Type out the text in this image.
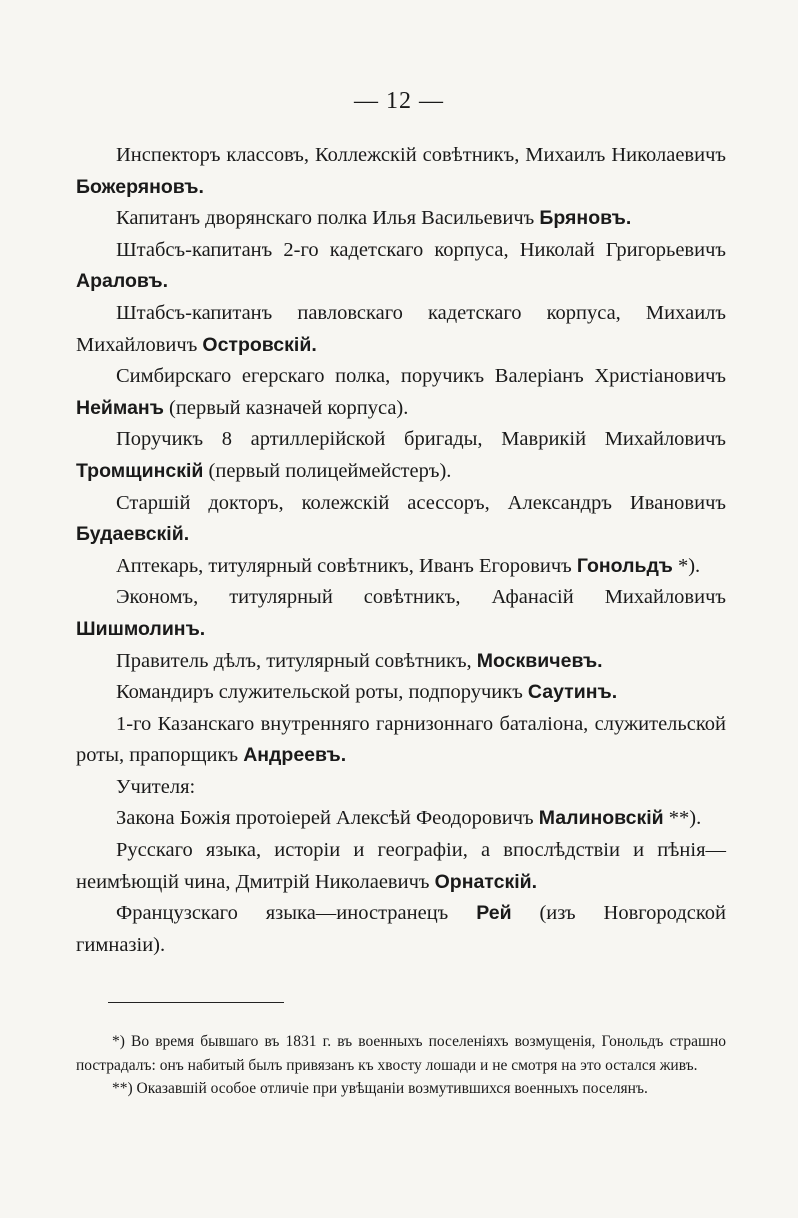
— 12 —

Инспекторъ классовъ, Коллежскій совѣтникъ, Михаилъ Николаевичъ Божеряновъ.

Капитанъ дворянскаго полка Илья Васильевичъ Бряновъ.

Штабсъ-капитанъ 2-го кадетскаго корпуса, Николай Григорьевичъ Араловъ.

Штабсъ-капитанъ павловскаго кадетскаго корпуса, Михаилъ Михайловичъ Островскій.

Симбирскаго егерскаго полка, поручикъ Валеріанъ Христіановичъ Нейманъ (первый казначей корпуса).

Поручикъ 8 артиллерійской бригады, Маврикій Михайловичъ Тромщинскій (первый полицеймейстеръ).

Старшій докторъ, колежскій асессоръ, Александръ Ивановичъ Будаевскій.

Аптекарь, титулярный совѣтникъ, Иванъ Егоровичъ Гонольдъ *).

Экономъ, титулярный совѣтникъ, Афанасій Михайловичъ Шишмолинъ.

Правитель дѣлъ, титулярный совѣтникъ, Москвичевъ.

Командиръ служительской роты, подпоручикъ Саутинъ.

1-го Казанскаго внутренняго гарнизоннаго баталіона, служительской роты, прапорщикъ Андреевъ.

Учителя:

Закона Божія протоіерей Алексѣй Феодоровичъ Малиновскій **).

Русскаго языка, исторіи и географіи, а впослѣдствіи и пѣнія—неимѣющій чина, Дмитрій Николаевичъ Орнатскій.

Французскаго языка—иностранецъ Рей (изъ Новгородской гимназіи).

*) Во время бывшаго въ 1831 г. въ военныхъ поселеніяхъ возмущенія, Гонольдъ страшно пострадалъ: онъ набитый былъ привязанъ къ хвосту лошади и не смотря на это остался живъ.

**) Оказавшій особое отличіе при увѣщаніи возмутившихся военныхъ поселянъ.
